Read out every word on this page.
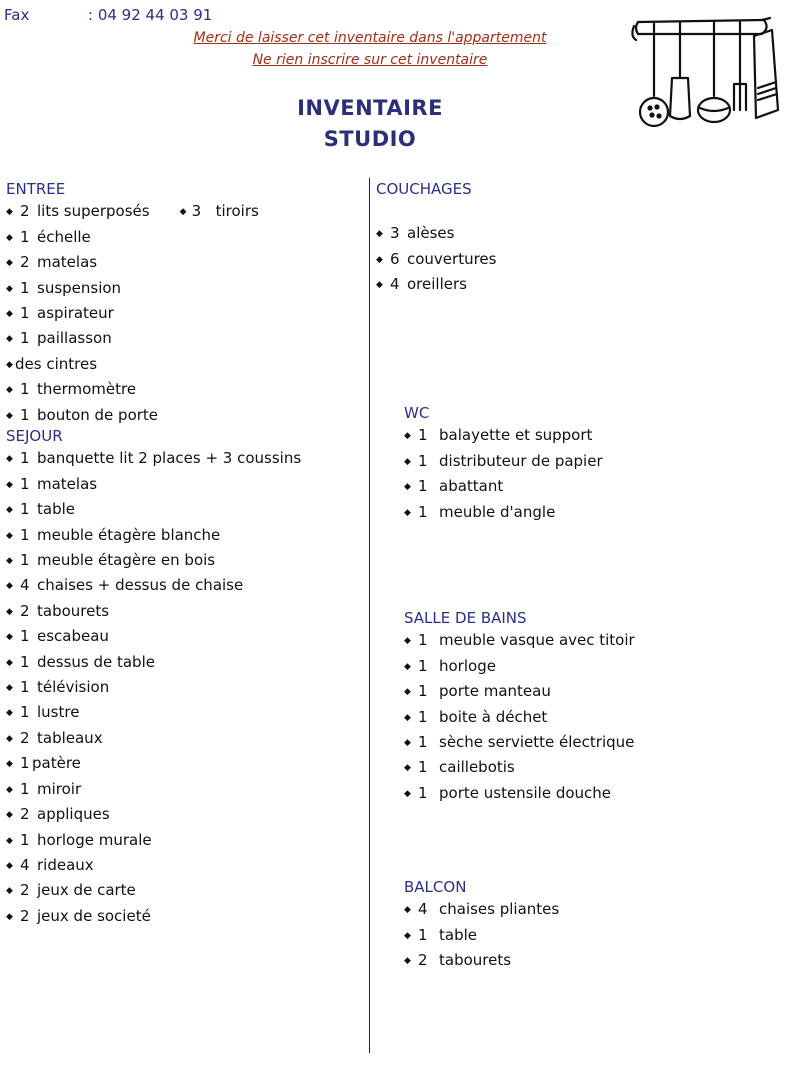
Fax	: 04 92 44 03 91
Merci de laisser cet inventaire dans l'appartement
Ne rien inscrire sur cet inventaire
INVENTAIRE
STUDIO
ENTREE
◆ 2 lits superposés	◆ 3 tiroirs
◆ 1 échelle
◆ 2 matelas
◆ 1 suspension
◆ 1 aspirateur
◆ 1 paillasson
◆ des cintres
◆ 1 thermomètre
◆ 1 bouton de porte
SEJOUR
◆ 1 banquette lit 2 places + 3 coussins
◆ 1 matelas
◆ 1 table
◆ 1 meuble étagère blanche
◆ 1 meuble étagère en bois
◆ 4 chaises + dessus de chaise
◆ 2 tabourets
◆ 1 escabeau
◆ 1 dessus de table
◆ 1 télévision
◆ 1 lustre
◆ 2 tableaux
◆ 1 patère
◆ 1 miroir
◆ 2 appliques
◆ 1 horloge murale
◆ 4 rideaux
◆ 2 jeux de carte
◆ 2 jeux de societé
COUCHAGES
◆ 3 alèses
◆ 6 couvertures
◆ 4 oreillers
WC
◆ 1 balayette et support
◆ 1 distributeur de papier
◆ 1 abattant
◆ 1 meuble d'angle
SALLE DE BAINS
◆ 1 meuble vasque avec titoir
◆ 1 horloge
◆ 1 porte manteau
◆ 1 boite à déchet
◆ 1 sèche serviette électrique
◆ 1 caillebotis
◆ 1 porte ustensile douche
BALCON
◆ 4 chaises pliantes
◆ 1 table
◆ 2 tabourets
